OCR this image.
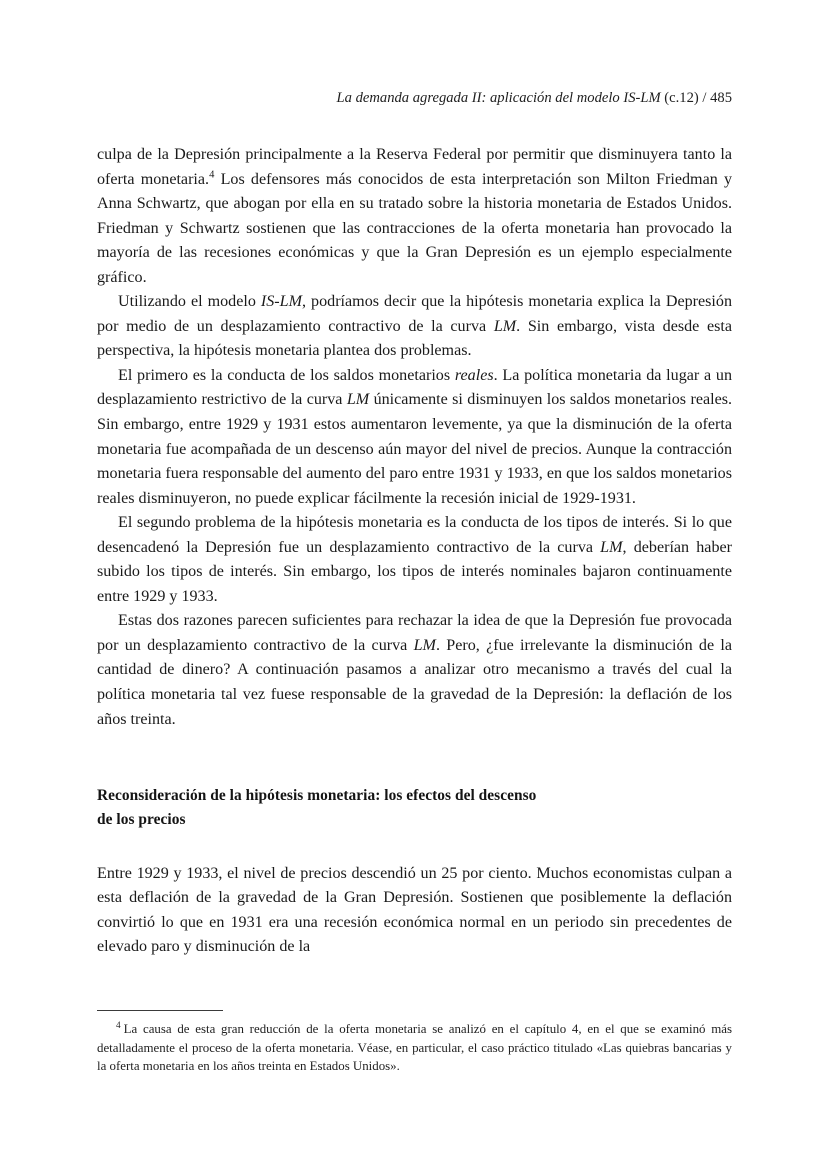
La demanda agregada II: aplicación del modelo IS-LM (c.12) / 485

culpa de la Depresión principalmente a la Reserva Federal por permitir que disminuyera tanto la oferta monetaria.$^4$ Los defensores más conocidos de esta interpretación son Milton Friedman y Anna Schwartz, que abogan por ella en su tratado sobre la historia monetaria de Estados Unidos. Friedman y Schwartz sostienen que las contracciones de la oferta monetaria han provocado la mayoría de las recesiones económicas y que la Gran Depresión es un ejemplo especialmente gráfico.

Utilizando el modelo IS-LM, podríamos decir que la hipótesis monetaria explica la Depresión por medio de un desplazamiento contractivo de la curva LM. Sin embargo, vista desde esta perspectiva, la hipótesis monetaria plantea dos problemas.

El primero es la conducta de los saldos monetarios reales. La política monetaria da lugar a un desplazamiento restrictivo de la curva LM únicamente si disminuyen los saldos monetarios reales. Sin embargo, entre 1929 y 1931 estos aumentaron levemente, ya que la disminución de la oferta monetaria fue acompañada de un descenso aún mayor del nivel de precios. Aunque la contracción monetaria fuera responsable del aumento del paro entre 1931 y 1933, en que los saldos monetarios reales disminuyeron, no puede explicar fácilmente la recesión inicial de 1929-1931.

El segundo problema de la hipótesis monetaria es la conducta de los tipos de interés. Si lo que desencadenó la Depresión fue un desplazamiento contractivo de la curva LM, deberían haber subido los tipos de interés. Sin embargo, los tipos de interés nominales bajaron continuamente entre 1929 y 1933.

Estas dos razones parecen suficientes para rechazar la idea de que la Depresión fue provocada por un desplazamiento contractivo de la curva LM. Pero, ¿fue irrelevante la disminución de la cantidad de dinero? A continuación pasamos a analizar otro mecanismo a través del cual la política monetaria tal vez fuese responsable de la gravedad de la Depresión: la deflación de los años treinta.

Reconsideración de la hipótesis monetaria: los efectos del descenso
de los precios

Entre 1929 y 1933, el nivel de precios descendió un 25 por ciento. Muchos economistas culpan a esta deflación de la gravedad de la Gran Depresión. Sostienen que posiblemente la deflación convirtió lo que en 1931 era una recesión económica normal en un periodo sin precedentes de elevado paro y disminución de la

$^4$ La causa de esta gran reducción de la oferta monetaria se analizó en el capítulo 4, en el que se examinó más detalladamente el proceso de la oferta monetaria. Véase, en particular, el caso práctico titulado «Las quiebras bancarias y la oferta monetaria en los años treinta en Estados Unidos».
